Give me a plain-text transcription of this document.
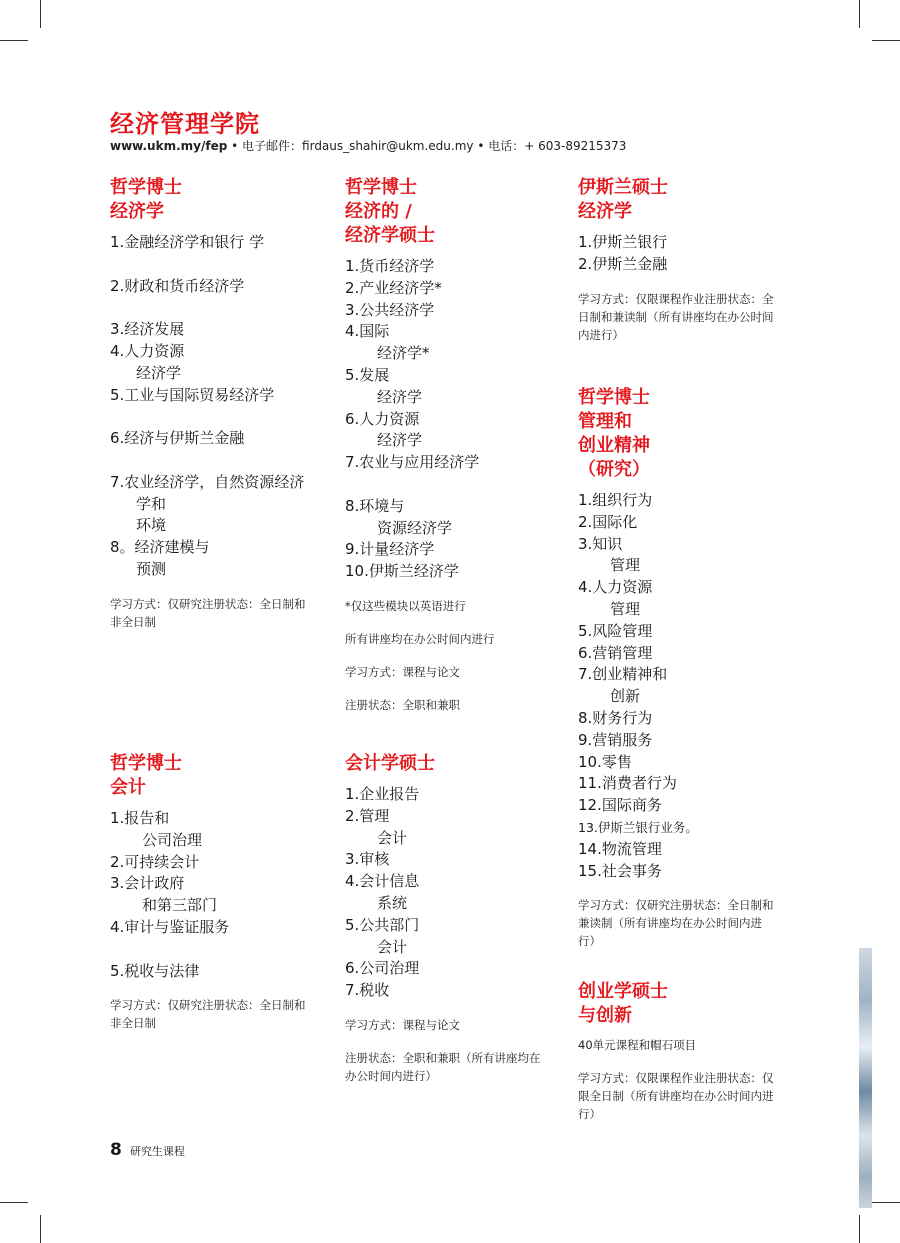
经济管理学院
www.ukm.my/fep • 电子邮件：firdaus_shahir@ukm.edu.my • 电话：+ 603-89215373
哲学博士
经济学
1.金融经济学和银行 学
2.财政和货币经济学
3.经济发展
4.人力资源
经济学
5.工业与国际贸易经济学
6.经济与伊斯兰金融
7.农业经济学，自然资源经济
学和
环境
8。经济建模与
预测
学习方式：仅研究注册状态：全日制和非全日制
哲学博士
经济的 /
经济学硕士
1.货币经济学
2.产业经济学*
3.公共经济学
4.国际
经济学*
5.发展
经济学
6.人力资源
经济学
7.农业与应用经济学
8.环境与
资源经济学
9.计量经济学
10.伊斯兰经济学
*仅这些模块以英语进行
所有讲座均在办公时间内进行
学习方式：课程与论文
注册状态：全职和兼职
伊斯兰硕士
经济学
1.伊斯兰银行
2.伊斯兰金融
学习方式：仅限课程作业注册状态：全日制和兼读制（所有讲座均在办公时间内进行）
哲学博士
管理和
创业精神
（研究）
1.组织行为
2.国际化
3.知识
管理
4.人力资源
管理
5.风险管理
6.营销管理
7.创业精神和
创新
8.财务行为
9.营销服务
10.零售
11.消费者行为
12.国际商务
13.伊斯兰银行业务。
14.物流管理
15.社会事务
学习方式：仅研究注册状态：全日制和兼读制（所有讲座均在办公时间内进行）
哲学博士
会计
1.报告和
公司治理
2.可持续会计
3.会计政府
和第三部门
4.审计与鉴证服务
5.税收与法律
学习方式：仅研究注册状态：全日制和非全日制
会计学硕士
1.企业报告
2.管理
会计
3.审核
4.会计信息
系统
5.公共部门
会计
6.公司治理
7.税收
学习方式：课程与论文
注册状态：全职和兼职（所有讲座均在办公时间内进行）
创业学硕士
与创新
40单元课程和帽石项目
学习方式：仅限课程作业注册状态：仅限全日制（所有讲座均在办公时间内进行）
8 研究生课程
